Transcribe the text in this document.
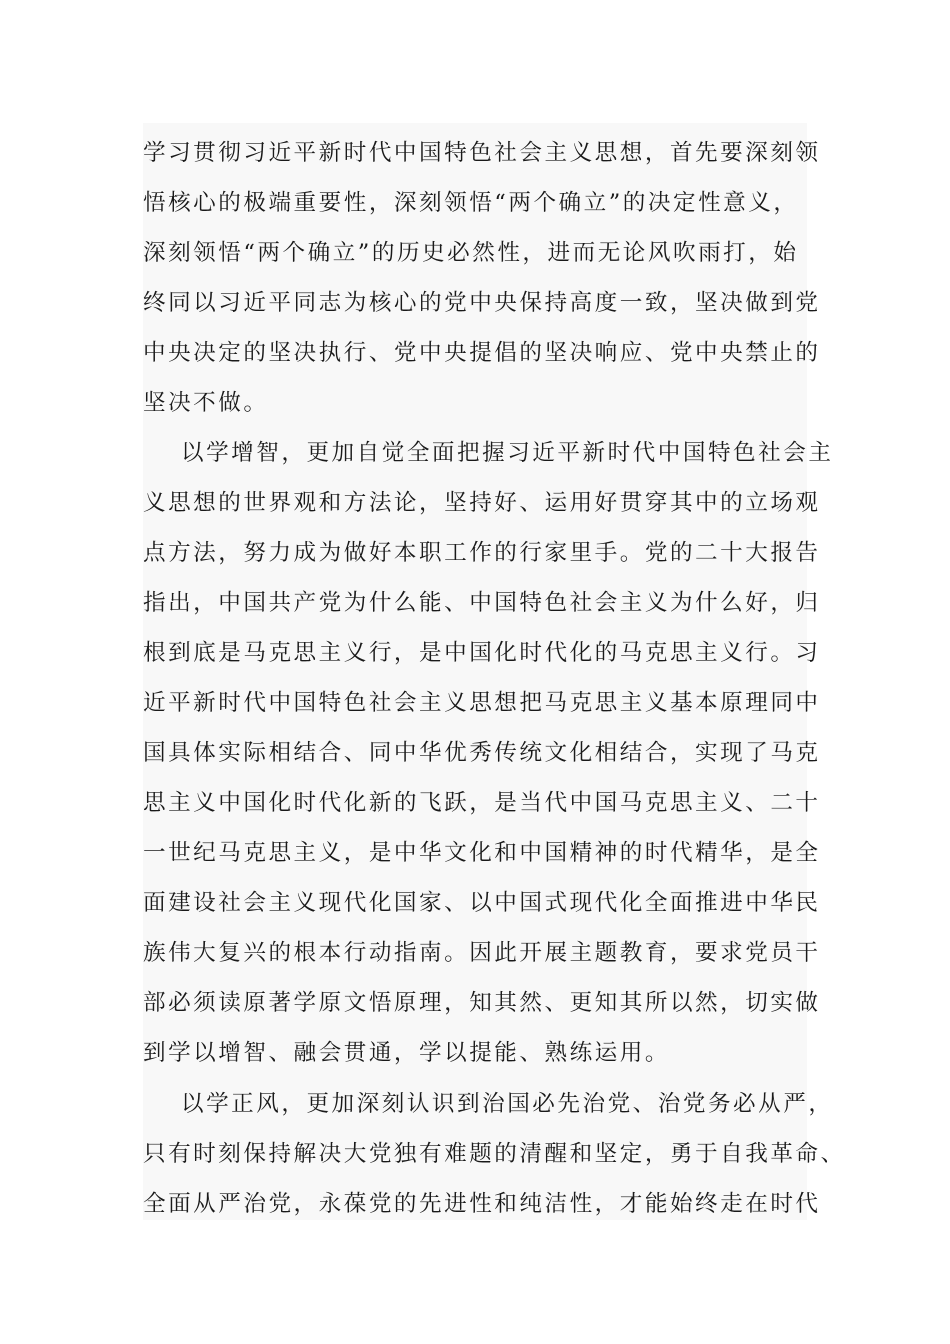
学习贯彻习近平新时代中国特色社会主义思想，首先要深刻领
悟核心的极端重要性，深刻领悟“两个确立”的决定性意义，
深刻领悟“两个确立”的历史必然性，进而无论风吹雨打，始
终同以习近平同志为核心的党中央保持高度一致，坚决做到党
中央决定的坚决执行、党中央提倡的坚决响应、党中央禁止的
坚决不做。
以学增智，更加自觉全面把握习近平新时代中国特色社会主
义思想的世界观和方法论，坚持好、运用好贯穿其中的立场观
点方法，努力成为做好本职工作的行家里手。党的二十大报告
指出，中国共产党为什么能、中国特色社会主义为什么好，归
根到底是马克思主义行，是中国化时代化的马克思主义行。习
近平新时代中国特色社会主义思想把马克思主义基本原理同中
国具体实际相结合、同中华优秀传统文化相结合，实现了马克
思主义中国化时代化新的飞跃，是当代中国马克思主义、二十
一世纪马克思主义，是中华文化和中国精神的时代精华，是全
面建设社会主义现代化国家、以中国式现代化全面推进中华民
族伟大复兴的根本行动指南。因此开展主题教育，要求党员干
部必须读原著学原文悟原理，知其然、更知其所以然，切实做
到学以增智、融会贯通，学以提能、熟练运用。
以学正风，更加深刻认识到治国必先治党、治党务必从严，
只有时刻保持解决大党独有难题的清醒和坚定，勇于自我革命、
全面从严治党，永葆党的先进性和纯洁性，才能始终走在时代
